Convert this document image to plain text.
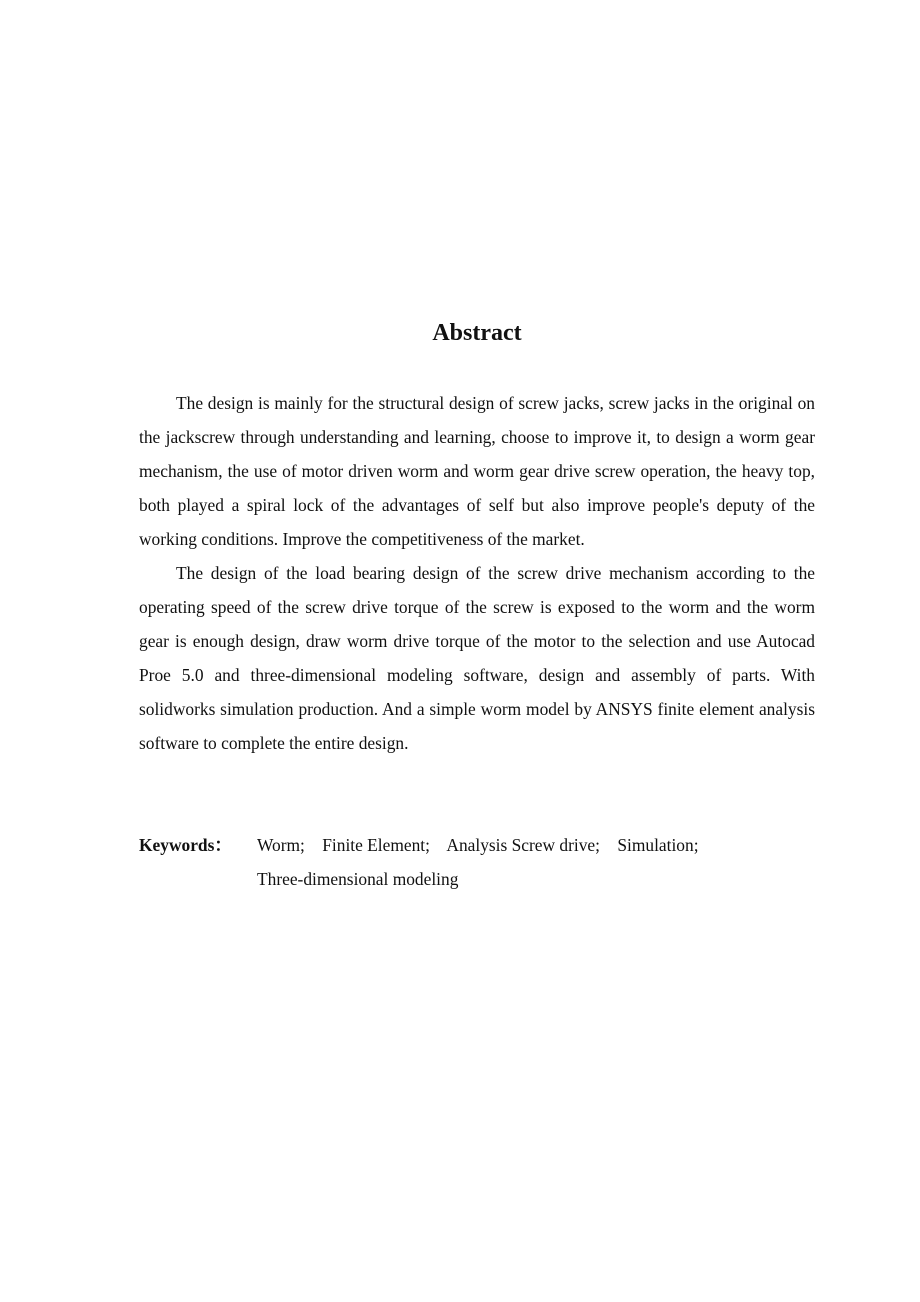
Abstract

The design is mainly for the structural design of screw jacks, screw jacks in the original on the jackscrew through understanding and learning, choose to improve it, to design a worm gear mechanism, the use of motor driven worm and worm gear drive screw operation, the heavy top, both played a spiral lock of the advantages of self but also improve people's deputy of the working conditions. Improve the competitiveness of the market.

The design of the load bearing design of the screw drive mechanism according to the operating speed of the screw drive torque of the screw is exposed to the worm and the worm gear is enough design, draw worm drive torque of the motor to the selection and use Autocad Proe 5.0 and three-dimensional modeling software, design and assembly of parts. With solidworks simulation production. And a simple worm model by ANSYS finite element analysis software to complete the entire design.

Keywords： Worm;    Finite Element;    Analysis Screw drive;    Simulation;
Three-dimensional modeling
